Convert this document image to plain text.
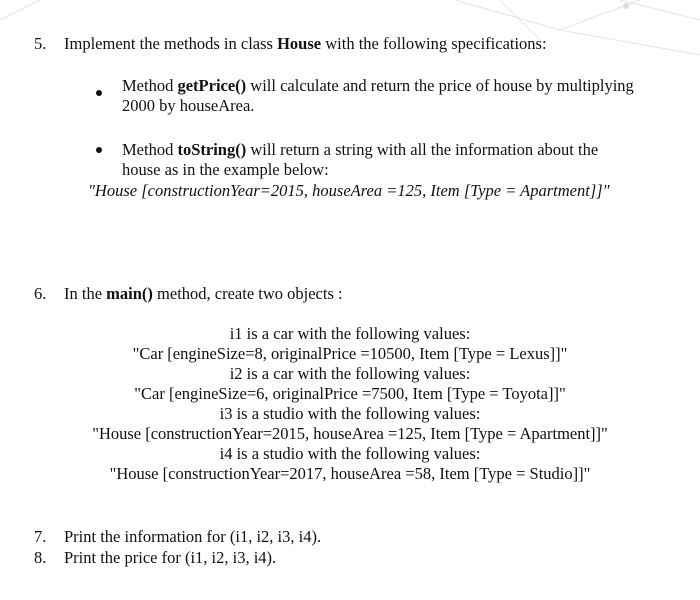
5. Implement the methods in class House with the following specifications:
Method getPrice() will calculate and return the price of house by multiplying
2000 by houseArea.
Method toString() will return a string with all the information about the
house as in the example below:
"House [constructionYear=2015, houseArea =125, Item [Type = Apartment]]"
6. In the main() method, create two objects :
i1 is a car with the following values:
"Car [engineSize=8, originalPrice =10500, Item [Type = Lexus]]"
i2 is a car with the following values:
"Car [engineSize=6, originalPrice =7500, Item [Type = Toyota]]"
i3 is a studio with the following values:
"House [constructionYear=2015, houseArea =125, Item [Type = Apartment]]"
i4 is a studio with the following values:
"House [constructionYear=2017, houseArea =58, Item [Type = Studio]]"
7. Print the information for (i1, i2, i3, i4).
8. Print the price for (i1, i2, i3, i4).
